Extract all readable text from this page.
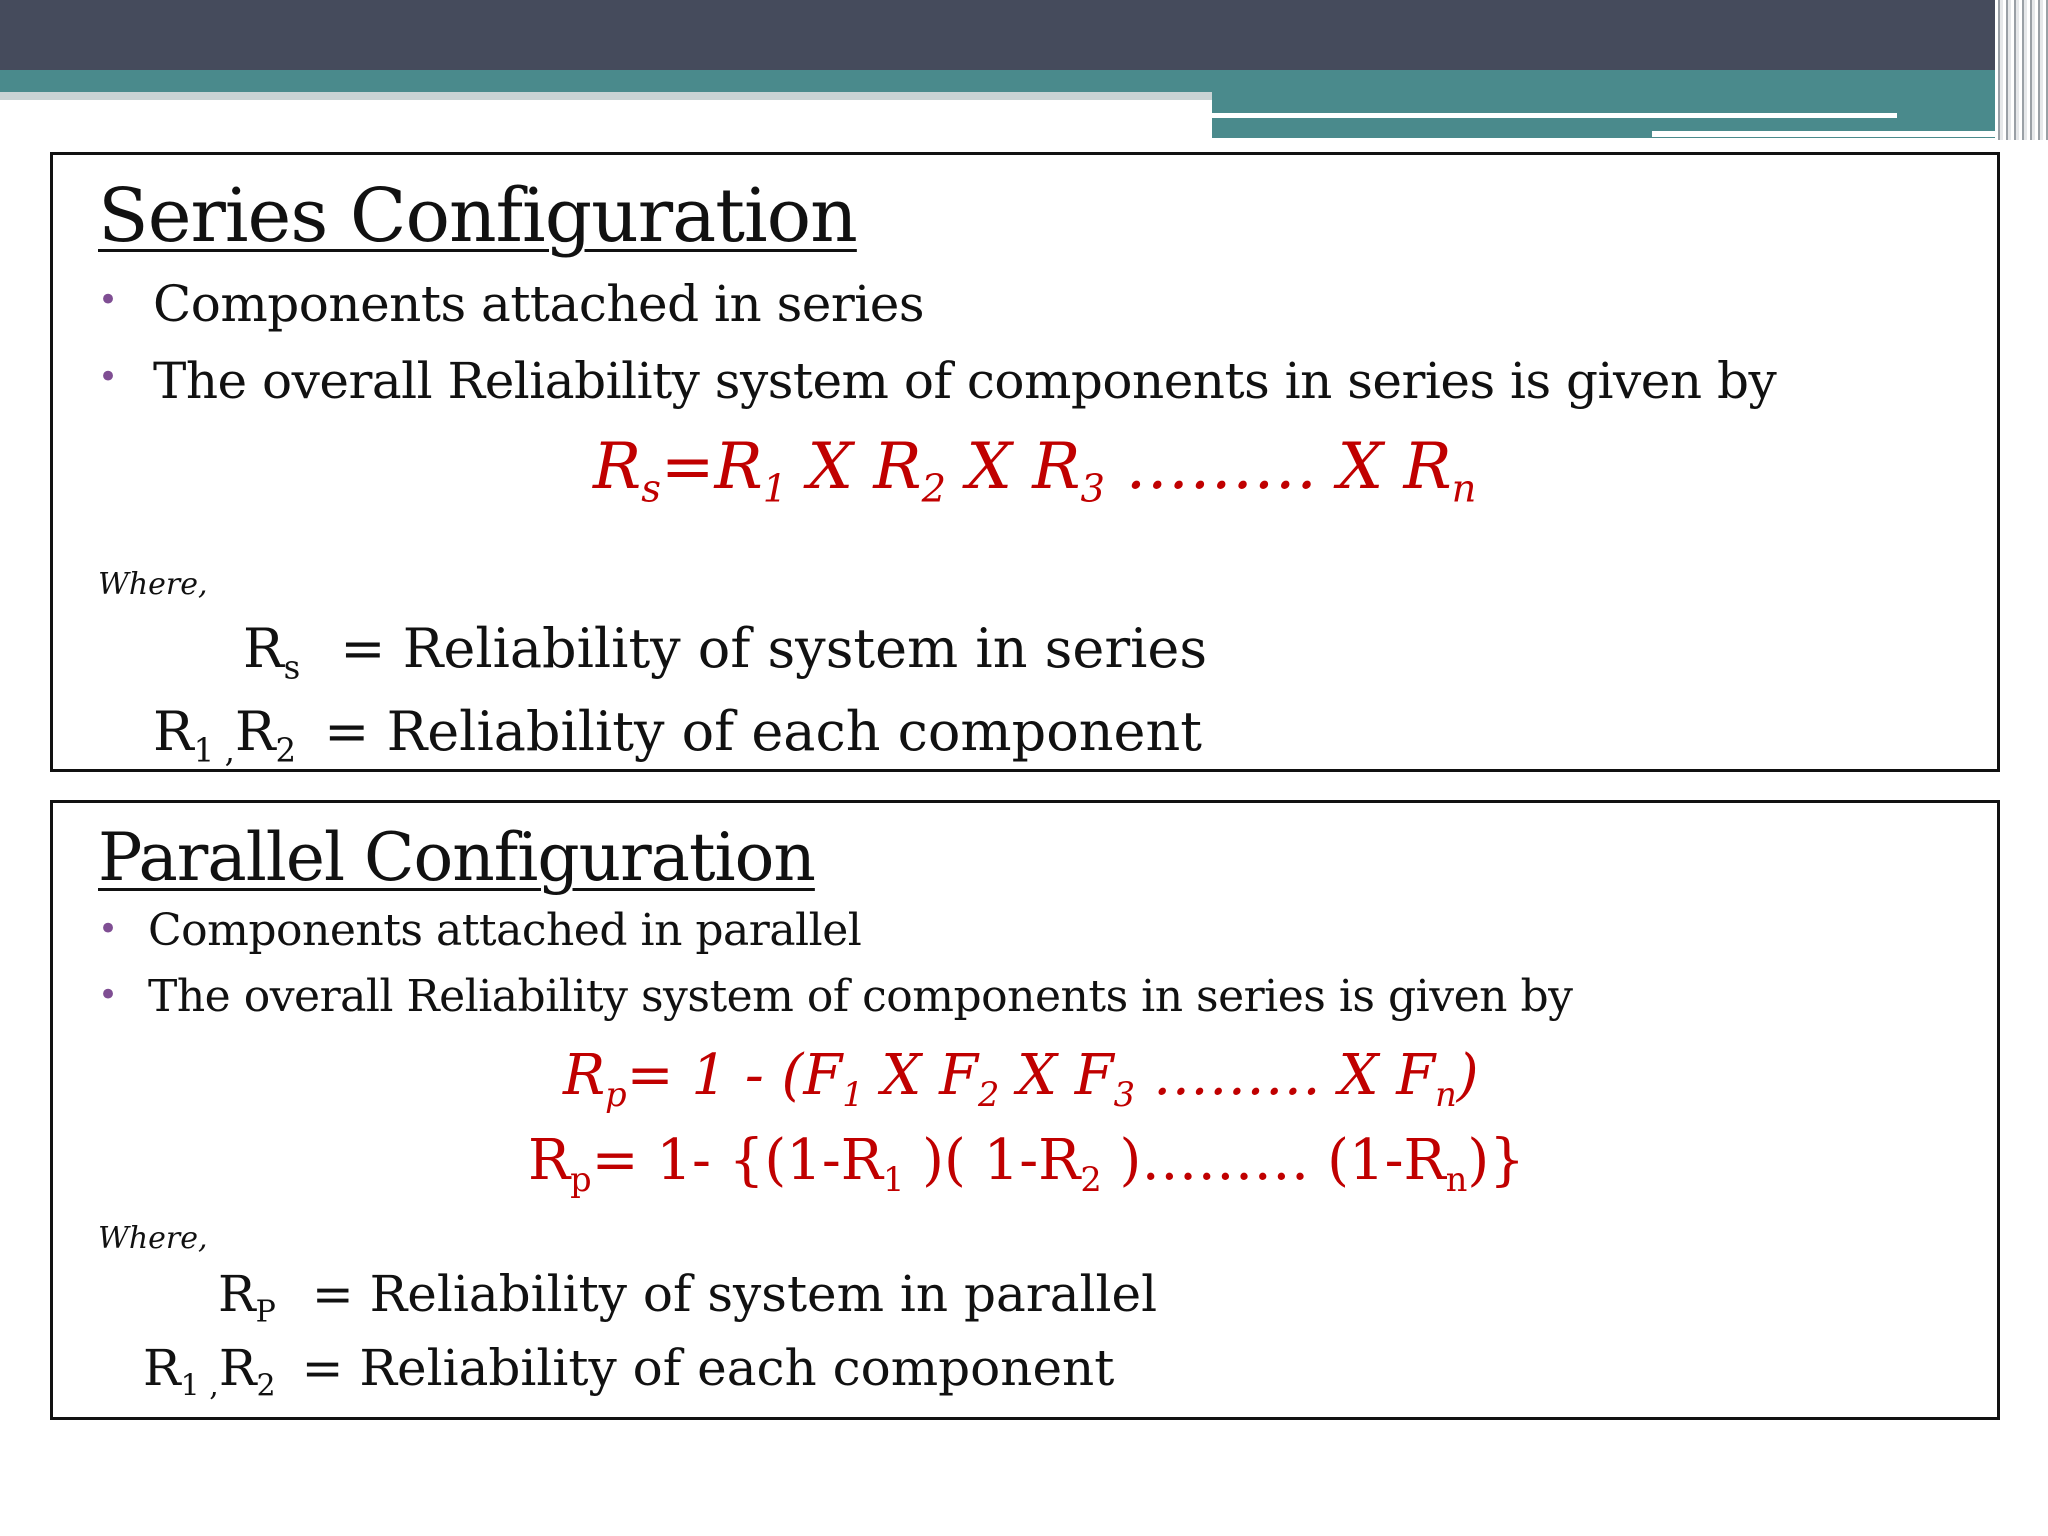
Series Configuration
• Components attached in series
• The overall Reliability system of components in series is given by
$R_s=R_1$ X $R_2$ X $R_3$ ……… X $R_n$
Where,
$R_s$ = Reliability of system in series
$R_{1 ,}R_2$ = Reliability of each component
Parallel Configuration
• Components attached in parallel
• The overall Reliability system of components in series is given by
$R_p= 1 - (F_1$ X $F_2$ X $F_3$ ……… X $F_n$)
$R_p= 1-$ {($1-R_1$ )( $1-R_2$ )……… $(1-R_n)$}
Where,
$R_P$ = Reliability of system in parallel
$R_{1 ,}R_2$ = Reliability of each component
